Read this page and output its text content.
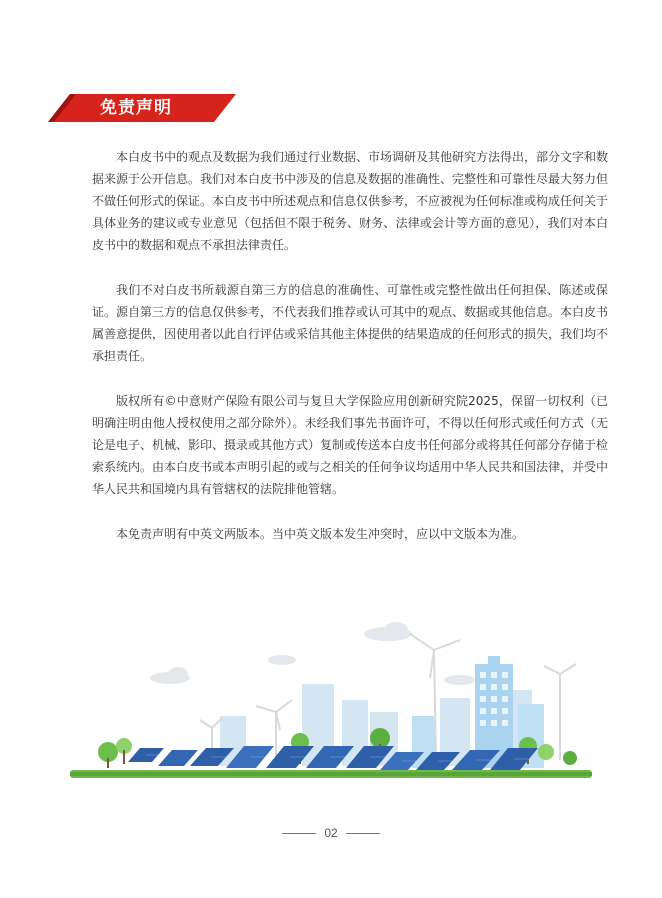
免责声明

本白皮书中的观点及数据为我们通过行业数据、市场调研及其他研究方法得出，部分文字和数据来源于公开信息。我们对本白皮书中涉及的信息及数据的准确性、完整性和可靠性尽最大努力但不做任何形式的保证。本白皮书中所述观点和信息仅供参考，不应被视为任何标准或构成任何关于具体业务的建议或专业意见（包括但不限于税务、财务、法律或会计等方面的意见），我们对本白皮书中的数据和观点不承担法律责任。

我们不对白皮书所载源自第三方的信息的准确性、可靠性或完整性做出任何担保、陈述或保证。源自第三方的信息仅供参考，不代表我们推荐或认可其中的观点、数据或其他信息。本白皮书属善意提供，因使用者以此自行评估或采信其他主体提供的结果造成的任何形式的损失，我们均不承担责任。

版权所有©中意财产保险有限公司与复旦大学保险应用创新研究院2025，保留一切权利（已明确注明由他人授权使用之部分除外）。未经我们事先书面许可，不得以任何形式或任何方式（无论是电子、机械、影印、摄录或其他方式）复制或传送本白皮书任何部分或将其任何部分存储于检索系统内。由本白皮书或本声明引起的或与之相关的任何争议均适用中华人民共和国法律，并受中华人民共和国境内具有管辖权的法院排他管辖。

本免责声明有中英文两版本。当中英文版本发生冲突时，应以中文版本为准。

02
